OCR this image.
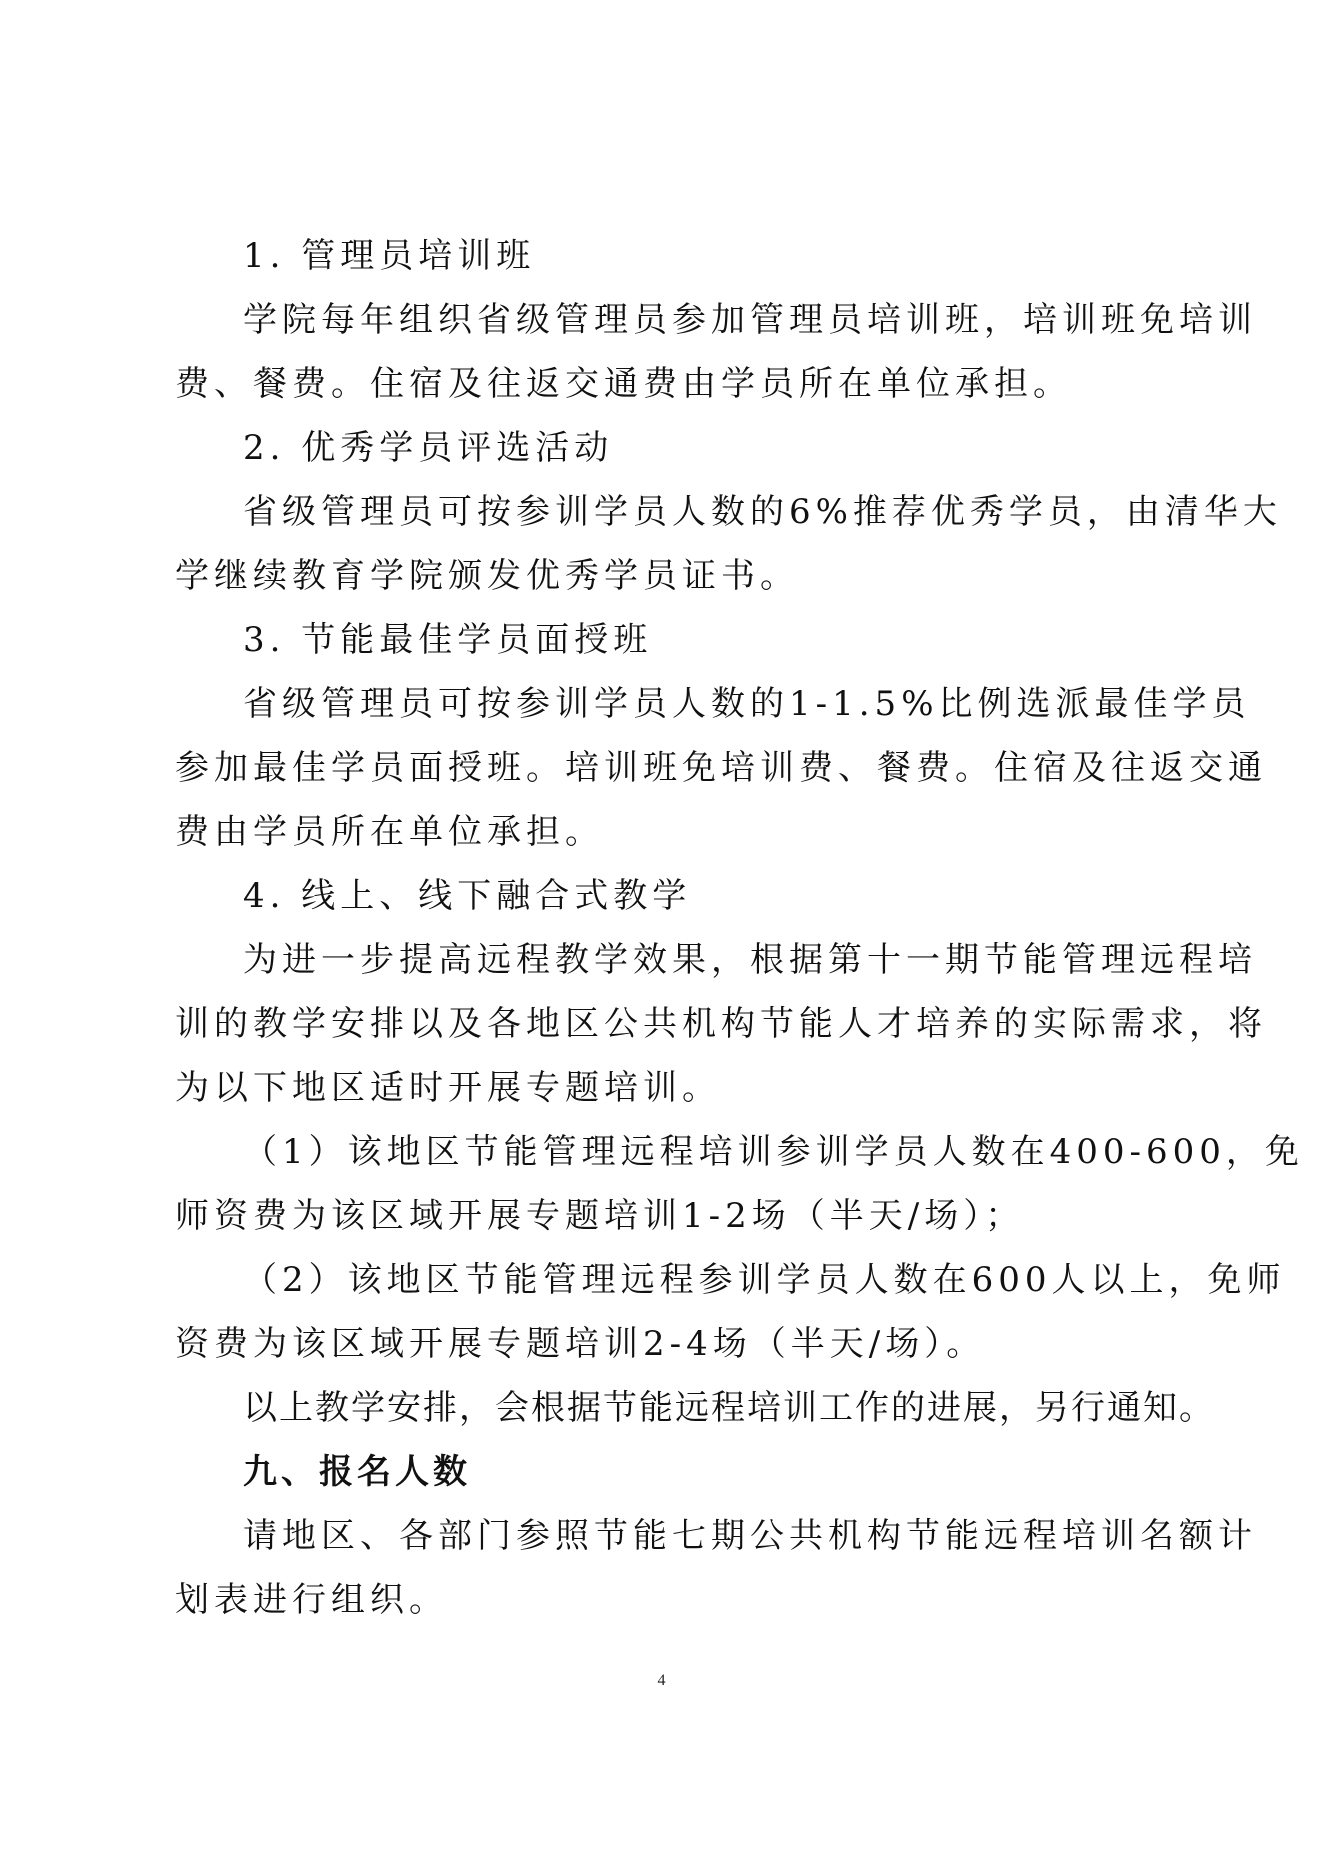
1. 管理员培训班
学院每年组织省级管理员参加管理员培训班，培训班免培训
费、餐费。住宿及往返交通费由学员所在单位承担。
2. 优秀学员评选活动
省级管理员可按参训学员人数的6%推荐优秀学员，由清华大
学继续教育学院颁发优秀学员证书。
3. 节能最佳学员面授班
省级管理员可按参训学员人数的1-1.5%比例选派最佳学员
参加最佳学员面授班。培训班免培训费、餐费。住宿及往返交通
费由学员所在单位承担。
4. 线上、线下融合式教学
为进一步提高远程教学效果，根据第十一期节能管理远程培
训的教学安排以及各地区公共机构节能人才培养的实际需求，将
为以下地区适时开展专题培训。
（1）该地区节能管理远程培训参训学员人数在400-600，免
师资费为该区域开展专题培训1-2场（半天/场）；
（2）该地区节能管理远程参训学员人数在600人以上，免师
资费为该区域开展专题培训2-4场（半天/场）。
以上教学安排，会根据节能远程培训工作的进展，另行通知。
九、报名人数
请地区、各部门参照节能七期公共机构节能远程培训名额计
划表进行组织。
4
